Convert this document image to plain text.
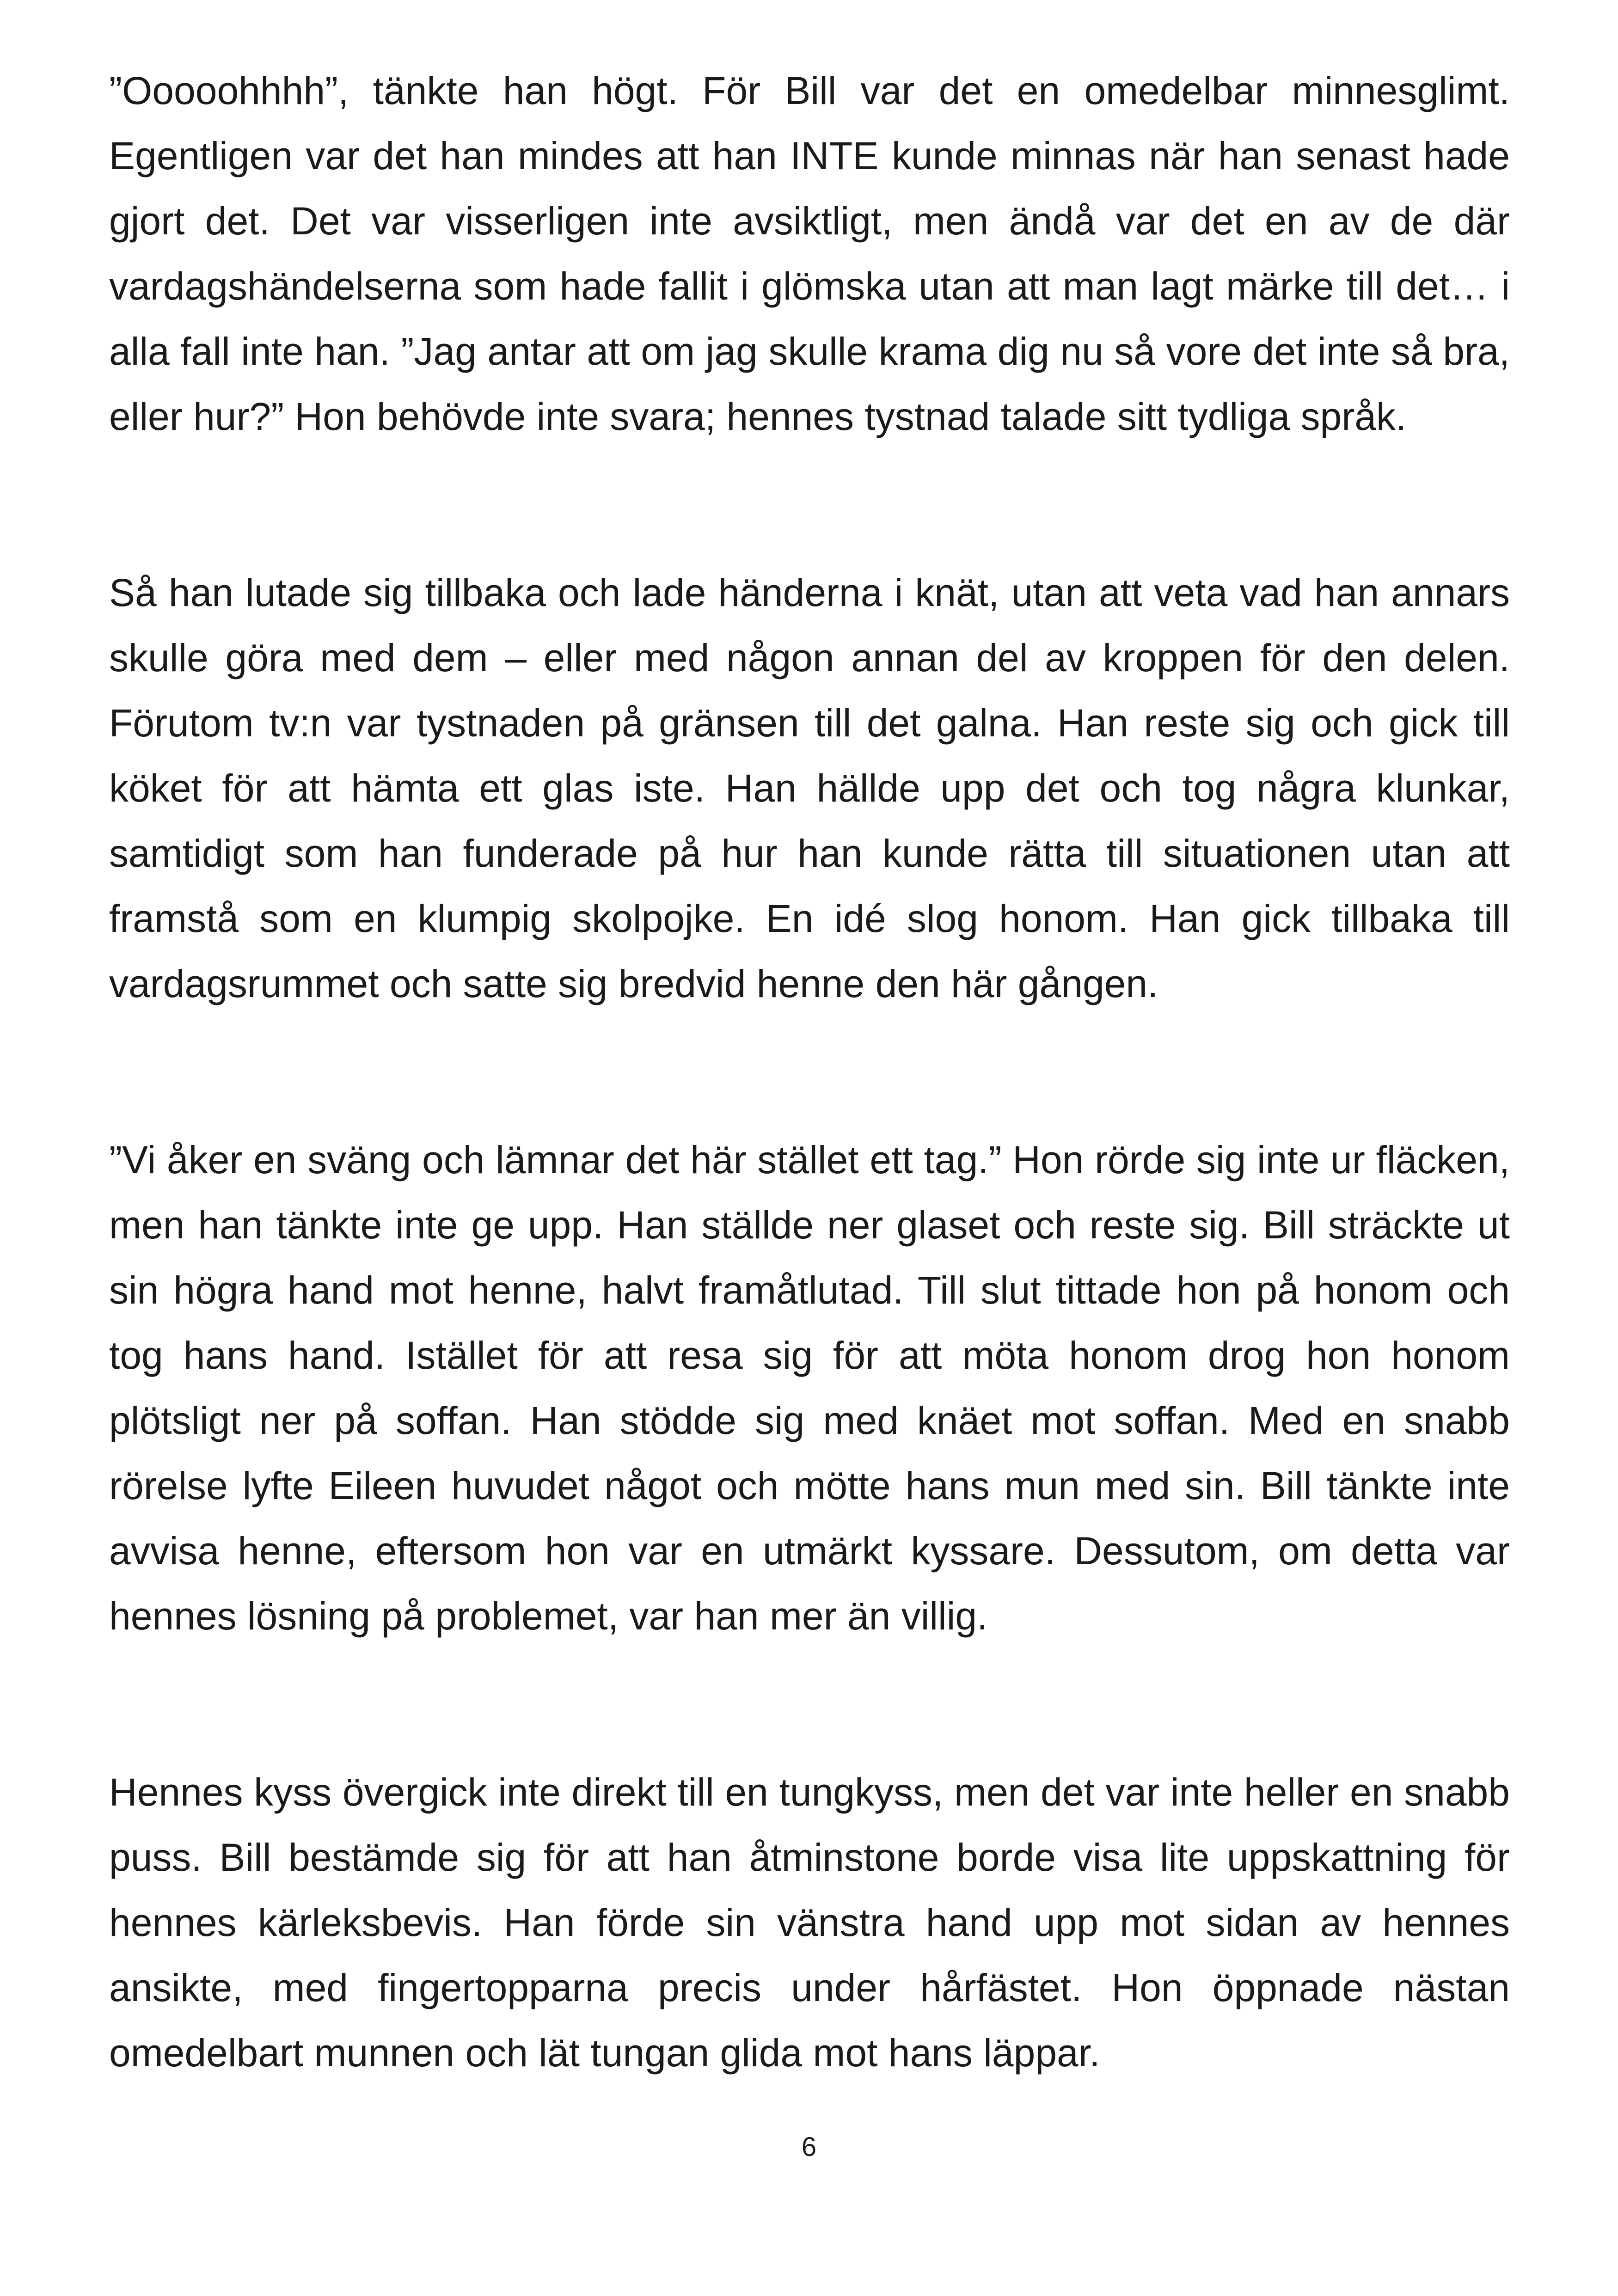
”Ooooohhhh”, tänkte han högt. För Bill var det en omedelbar minnesglimt. Egentligen var det han mindes att han INTE kunde minnas när han senast hade gjort det. Det var visserligen inte avsiktligt, men ändå var det en av de där vardagshändelserna som hade fallit i glömska utan att man lagt märke till det… i alla fall inte han. ”Jag antar att om jag skulle krama dig nu så vore det inte så bra, eller hur?” Hon behövde inte svara; hennes tystnad talade sitt tydliga språk.

Så han lutade sig tillbaka och lade händerna i knät, utan att veta vad han annars skulle göra med dem – eller med någon annan del av kroppen för den delen. Förutom tv:n var tystnaden på gränsen till det galna. Han reste sig och gick till köket för att hämta ett glas iste. Han hällde upp det och tog några klunkar, samtidigt som han funderade på hur han kunde rätta till situationen utan att framstå som en klumpig skolpojke. En idé slog honom. Han gick tillbaka till vardagsrummet och satte sig bredvid henne den här gången.

”Vi åker en sväng och lämnar det här stället ett tag.” Hon rörde sig inte ur fläcken, men han tänkte inte ge upp. Han ställde ner glaset och reste sig. Bill sträckte ut sin högra hand mot henne, halvt framåtlutad. Till slut tittade hon på honom och tog hans hand. Istället för att resa sig för att möta honom drog hon honom plötsligt ner på soffan. Han stödde sig med knäet mot soffan. Med en snabb rörelse lyfte Eileen huvudet något och mötte hans mun med sin. Bill tänkte inte avvisa henne, eftersom hon var en utmärkt kyssare. Dessutom, om detta var hennes lösning på problemet, var han mer än villig.

Hennes kyss övergick inte direkt till en tungkyss, men det var inte heller en snabb puss. Bill bestämde sig för att han åtminstone borde visa lite uppskattning för hennes kärleksbevis. Han förde sin vänstra hand upp mot sidan av hennes ansikte, med fingertopparna precis under hårfästet. Hon öppnade nästan omedelbart munnen och lät tungan glida mot hans läppar.

6
